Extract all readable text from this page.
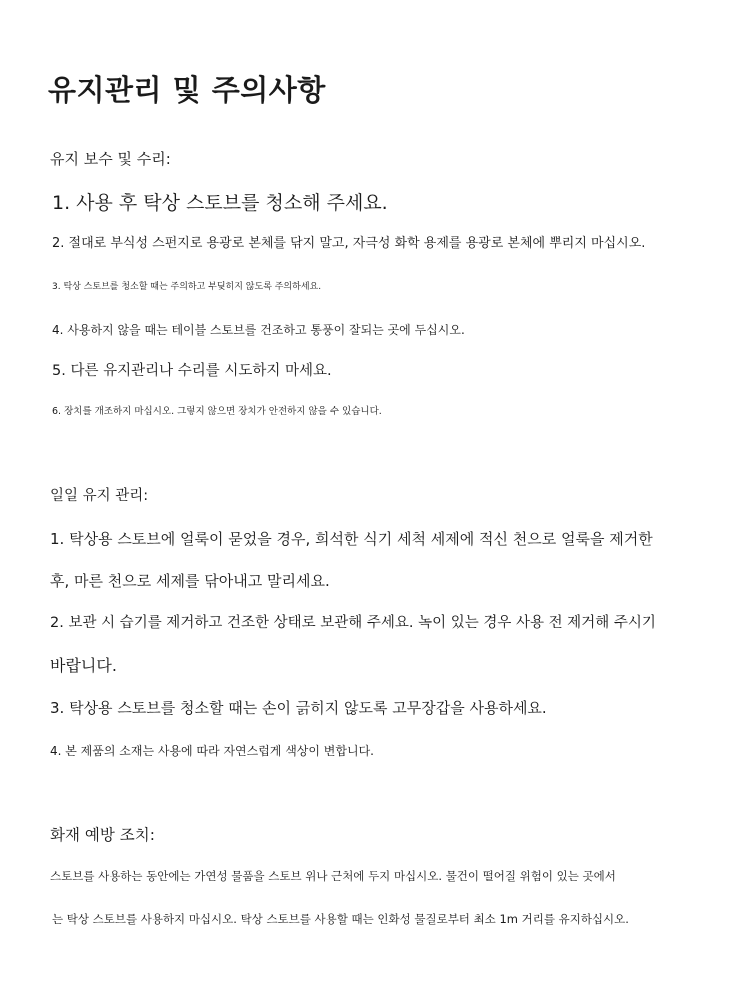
유지관리 및 주의사항
유지 보수 및 수리:

1. 사용 후 탁상 스토브를 청소해 주세요.

2. 절대로 부식성 스펀지로 용광로 본체를 닦지 말고, 자극성 화학 용제를 용광로 본체에 뿌리지 마십시오.

3. 탁상 스토브를 청소할 때는 주의하고 부딪히지 않도록 주의하세요.

4. 사용하지 않을 때는 테이블 스토브를 건조하고 통풍이 잘되는 곳에 두십시오.

5. 다른 유지관리나 수리를 시도하지 마세요.

6. 장치를 개조하지 마십시오. 그렇지 않으면 장치가 안전하지 않을 수 있습니다.

일일 유지 관리:

1. 탁상용 스토브에 얼룩이 묻었을 경우, 희석한 식기 세척 세제에 적신 천으로 얼룩을 제거한

후, 마른 천으로 세제를 닦아내고 말리세요.

2. 보관 시 습기를 제거하고 건조한 상태로 보관해 주세요. 녹이 있는 경우 사용 전 제거해 주시기

바랍니다.

3. 탁상용 스토브를 청소할 때는 손이 긁히지 않도록 고무장갑을 사용하세요.

4. 본 제품의 소재는 사용에 따라 자연스럽게 색상이 변합니다.

화재 예방 조치:

스토브를 사용하는 동안에는 가연성 물품을 스토브 위나 근처에 두지 마십시오. 물건이 떨어질 위험이 있는 곳에서

는 탁상 스토브를 사용하지 마십시오. 탁상 스토브를 사용할 때는 인화성 물질로부터 최소 1m 거리를 유지하십시오.
